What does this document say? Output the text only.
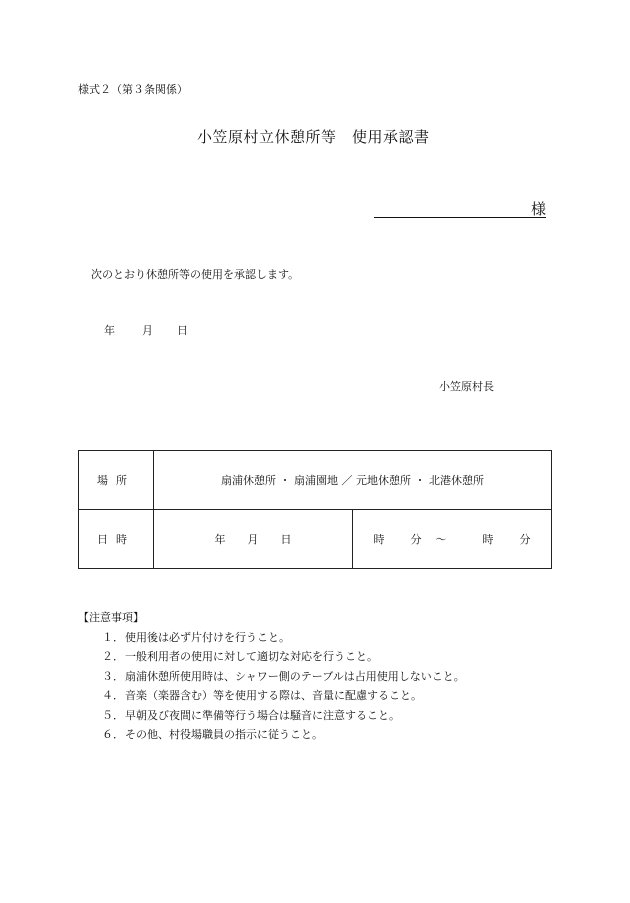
様式２（第３条関係）
小笠原村立休憩所等　使用承認書
様
次のとおり休憩所等の使用を承認します。
年 月 日
小笠原村長
場所	扇浦休憩所 ・ 扇浦園地 ／ 元地休憩所 ・ 北港休憩所	
日時	年 月 日	時 分 〜 時 分
【注意事項】
１．使用後は必ず片付けを行うこと。
２．一般利用者の使用に対して適切な対応を行うこと。
３．扇浦休憩所使用時は、シャワー側のテーブルは占用使用しないこと。
４．音楽（楽器含む）等を使用する際は、音量に配慮すること。
５．早朝及び夜間に準備等行う場合は騒音に注意すること。
６．その他、村役場職員の指示に従うこと。
